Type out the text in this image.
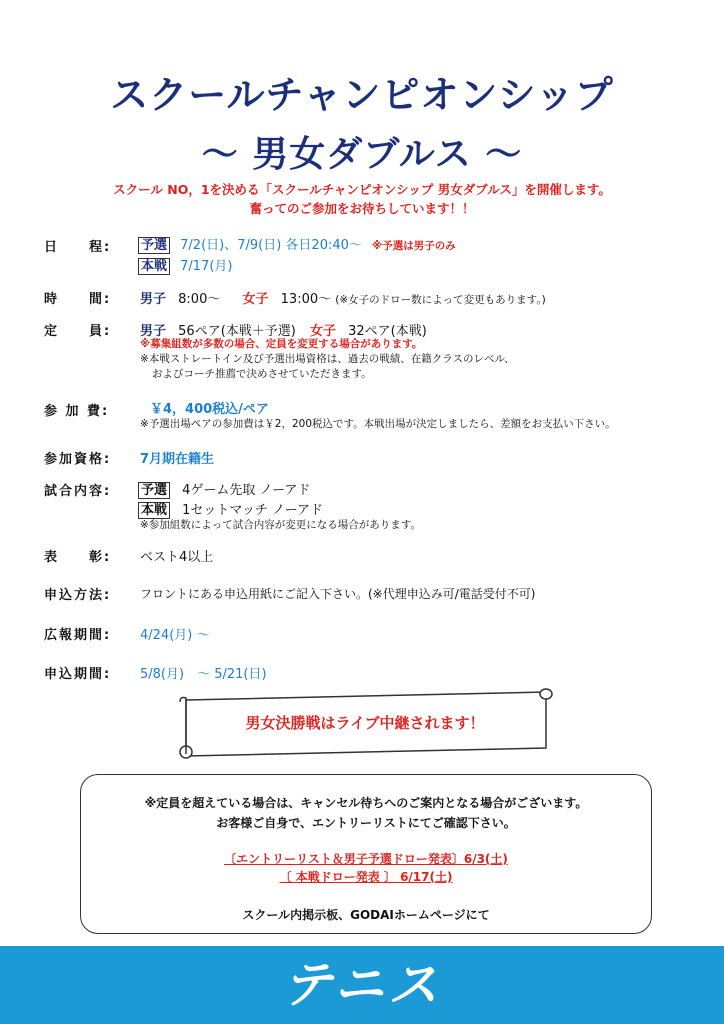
スクールチャンピオンシップ
〜 男女ダブルス 〜
スクール NO，1を決める「スクールチャンピオンシップ 男女ダブルス」を開催します。
奮ってのご参加をお待ちしています！！
日　　程: 予選 7/2(日)、7/9(日) 各日20:40〜 ※予選は男子のみ
本戦 7/17(月)
時　　間: 男子 8:00〜 女子 13:00〜 (※女子のドロー数によって変更もあります。)
定　　員: 男子 56ペア(本戦＋予選) 女子 32ペア(本戦)
※募集組数が多数の場合、定員を変更する場合があります。
※本戦ストレートイン及び予選出場資格は、過去の戦績、在籍クラスのレベル、
およびコーチ推薦で決めさせていただきます。
参 加 費:	￥4，400税込/ペア
※予選出場ペアの参加費は￥2，200税込です。本戦出場が決定しましたら、差額をお支払い下さい。
参加資格: 7月期在籍生
試合内容: 予選 4ゲーム先取 ノーアド
本戦 1セットマッチ ノーアド
※参加組数によって試合内容が変更になる場合があります。
表　　彰: ベスト4以上
申込方法: フロントにある申込用紙にご記入下さい。(※代理申込み可/電話受付不可)
広報期間: 4/24(月) 〜
申込期間: 5/8(月)　〜 5/21(日)
男女決勝戦はライブ中継されます！
※定員を超えている場合は、キャンセル待ちへのご案内となる場合がございます。
お客様ご自身で、エントリーリストにてご確認下さい。
〔エントリーリスト＆男子予選ドロー発表〕6/3(土)
〔 本戦ドロー発表 〕 6/17(土)
スクール内掲示板、GODAIホームページにて
テニス
